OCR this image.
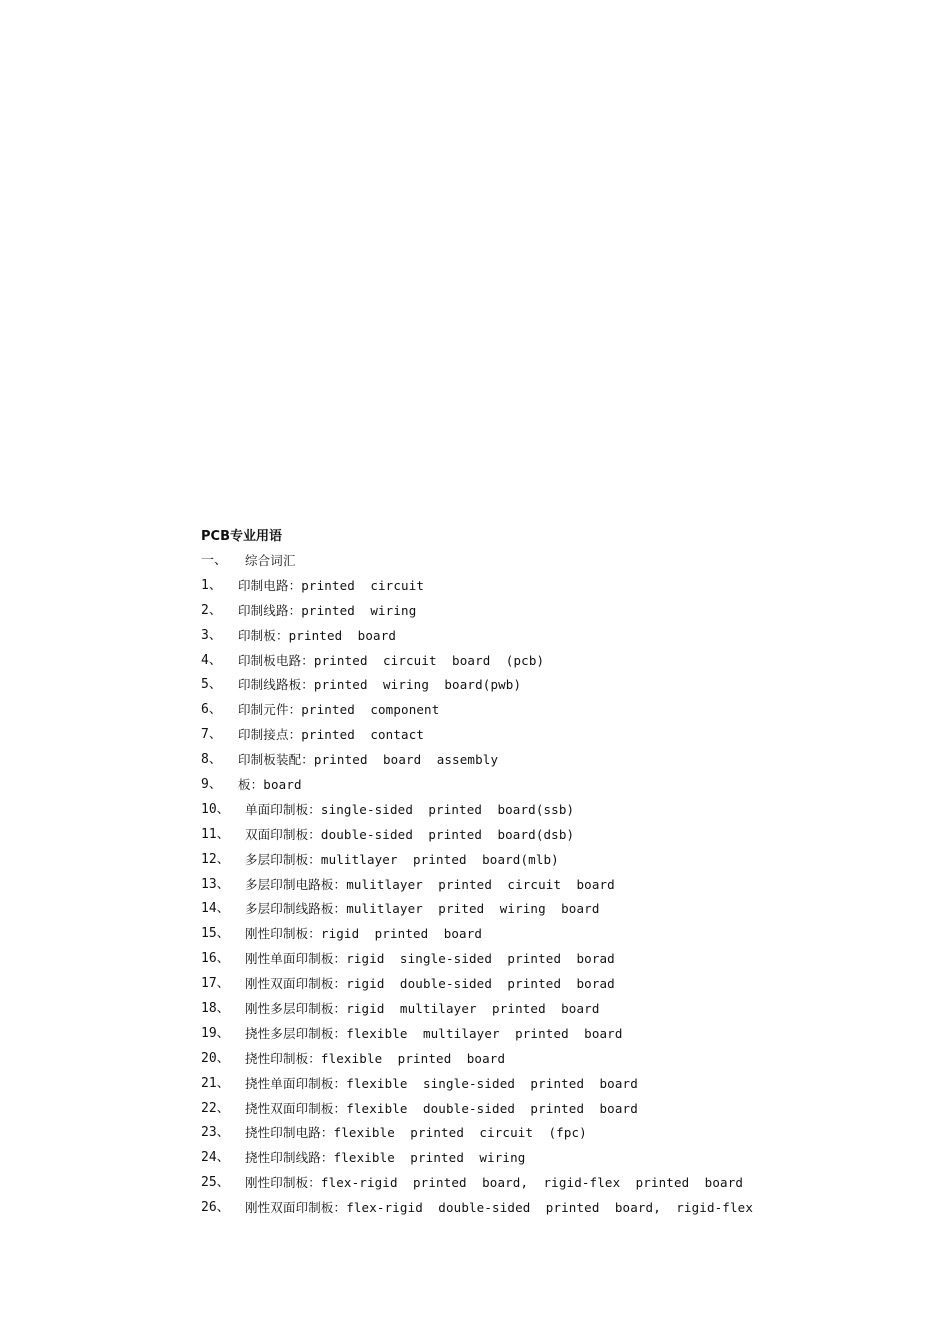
PCB专业用语
一、	综合词汇
1、	印制电路：printed  circuit
2、	印制线路：printed  wiring
3、	印制板：printed  board
4、	印制板电路：printed  circuit  board  (pcb)
5、	印制线路板：printed  wiring  board(pwb)
6、	印制元件：printed  component
7、	印制接点：printed  contact
8、	印制板装配：printed  board  assembly
9、	板：board
10、	单面印制板：single-sided  printed  board(ssb)
11、	双面印制板：double-sided  printed  board(dsb)
12、	多层印制板：mulitlayer  printed  board(mlb)
13、	多层印制电路板：mulitlayer  printed  circuit  board
14、	多层印制线路板：mulitlayer  prited  wiring  board
15、	刚性印制板：rigid  printed  board
16、	刚性单面印制板：rigid  single-sided  printed  borad
17、	刚性双面印制板：rigid  double-sided  printed  borad
18、	刚性多层印制板：rigid  multilayer  printed  board
19、	挠性多层印制板：flexible  multilayer  printed  board
20、	挠性印制板：flexible  printed  board
21、	挠性单面印制板：flexible  single-sided  printed  board
22、	挠性双面印制板：flexible  double-sided  printed  board
23、	挠性印制电路：flexible  printed  circuit  (fpc)
24、	挠性印制线路：flexible  printed  wiring
25、	刚性印制板：flex-rigid  printed  board,  rigid-flex  printed  board
26、	刚性双面印制板：flex-rigid  double-sided  printed  board,  rigid-flex
